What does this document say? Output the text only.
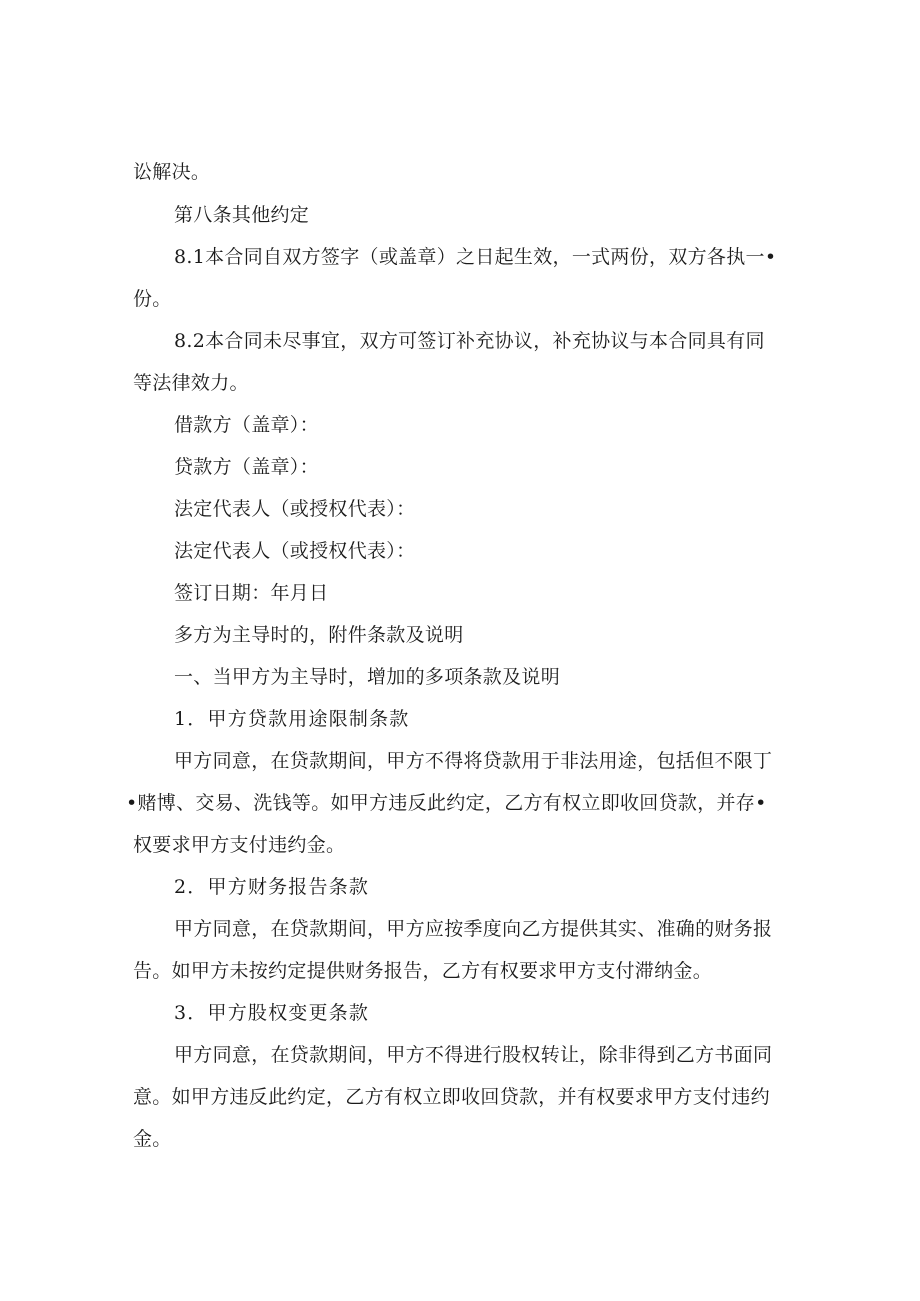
讼解决。
第八条其他约定
8.1本合同自双方签字（或盖章）之日起生效，一式两份，双方各执一•
份。
8.2本合同未尽事宜，双方可签订补充协议，补充协议与本合同具有同
等法律效力。
借款方（盖章）：
贷款方（盖章）：
法定代表人（或授权代表）：
法定代表人（或授权代表）：
签订日期：年月日
多方为主导时的，附件条款及说明
一、当甲方为主导时，增加的多项条款及说明
1．甲方贷款用途限制条款
甲方同意，在贷款期间，甲方不得将贷款用于非法用途，包括但不限丁
•赌博、交易、洗钱等。如甲方违反此约定，乙方有权立即收回贷款，并存•
权要求甲方支付违约金。
2．甲方财务报告条款
甲方同意，在贷款期间，甲方应按季度向乙方提供其实、准确的财务报
告。如甲方未按约定提供财务报告，乙方有权要求甲方支付滞纳金。
3．甲方股权变更条款
甲方同意，在贷款期间，甲方不得进行股权转让，除非得到乙方书面同
意。如甲方违反此约定，乙方有权立即收回贷款，并有权要求甲方支付违约
金。
